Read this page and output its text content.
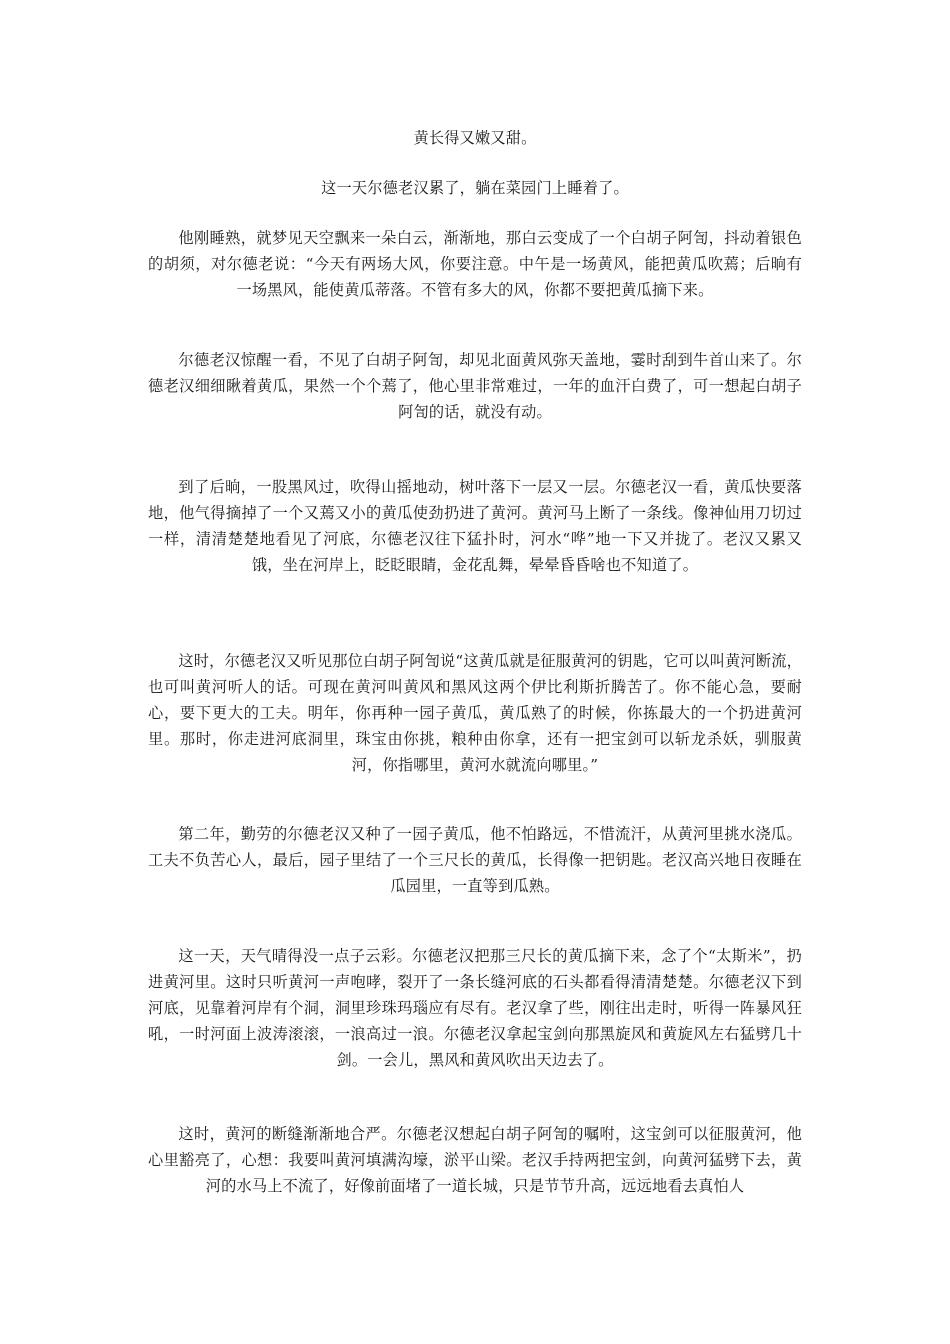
黄长得又嫩又甜。

这一天尔德老汉累了，躺在菜园门上睡着了。

他刚睡熟，就梦见天空飘来一朵白云，渐渐地，那白云变成了一个白胡子阿訇，抖动着银色的胡须，对尔德老说：“今天有两场大风，你要注意。中午是一场黄风，能把黄瓜吹蔫；后晌有一场黑风，能使黄瓜蒂落。不管有多大的风，你都不要把黄瓜摘下来。

尔德老汉惊醒一看，不见了白胡子阿訇，却见北面黄风弥天盖地，霎时刮到牛首山来了。尔德老汉细细瞅着黄瓜，果然一个个蔫了，他心里非常难过，一年的血汗白费了，可一想起白胡子阿訇的话，就没有动。

到了后晌，一股黑风过，吹得山摇地动，树叶落下一层又一层。尔德老汉一看，黄瓜快要落地，他气得摘掉了一个又蔫又小的黄瓜使劲扔进了黄河。黄河马上断了一条线。像神仙用刀切过一样，清清楚楚地看见了河底，尔德老汉往下猛扑时，河水“哗”地一下又并拢了。老汉又累又饿，坐在河岸上，眨眨眼睛，金花乱舞，晕晕昏昏啥也不知道了。

这时，尔德老汉又听见那位白胡子阿訇说“这黄瓜就是征服黄河的钥匙，它可以叫黄河断流，也可叫黄河听人的话。可现在黄河叫黄风和黑风这两个伊比利斯折腾苦了。你不能心急，要耐心，要下更大的工夫。明年，你再种一园子黄瓜，黄瓜熟了的时候，你拣最大的一个扔进黄河里。那时，你走进河底洞里，珠宝由你挑，粮种由你拿，还有一把宝剑可以斩龙杀妖，驯服黄河，你指哪里，黄河水就流向哪里。”

第二年，勤劳的尔德老汉又种了一园子黄瓜，他不怕路远，不惜流汗，从黄河里挑水浇瓜。工夫不负苦心人，最后，园子里结了一个三尺长的黄瓜，长得像一把钥匙。老汉高兴地日夜睡在瓜园里，一直等到瓜熟。

这一天，天气晴得没一点子云彩。尔德老汉把那三尺长的黄瓜摘下来，念了个“太斯米”，扔进黄河里。这时只听黄河一声咆哮，裂开了一条长缝河底的石头都看得清清楚楚。尔德老汉下到河底，见靠着河岸有个洞，洞里珍珠玛瑙应有尽有。老汉拿了些，刚往出走时，听得一阵暴风狂吼，一时河面上波涛滚滚，一浪高过一浪。尔德老汉拿起宝剑向那黑旋风和黄旋风左右猛劈几十剑。一会儿，黑风和黄风吹出天边去了。

这时，黄河的断缝渐渐地合严。尔德老汉想起白胡子阿訇的嘱咐，这宝剑可以征服黄河，他心里豁亮了，心想：我要叫黄河填满沟壕，淤平山梁。老汉手持两把宝剑，向黄河猛劈下去，黄河的水马上不流了，好像前面堵了一道长城，只是节节升高，远远地看去真怕人
